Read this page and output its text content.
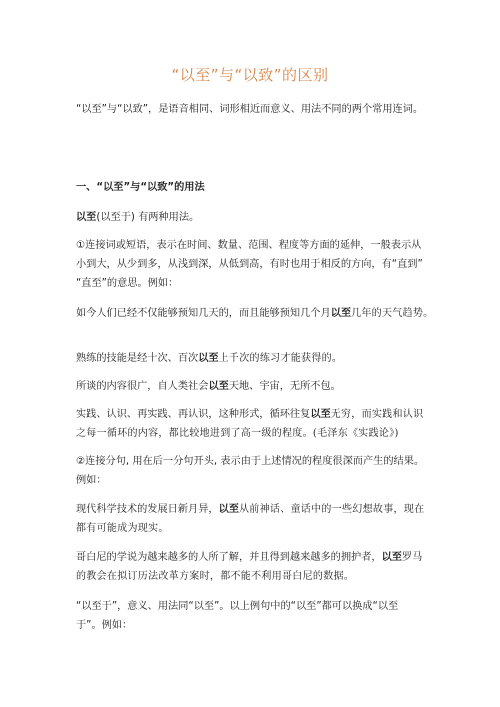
“以至”与“以致”的区别
“以至”与“以致”，是语音相同、词形相近而意义、用法不同的两个常用连词。
一、“以至”与“以致”的用法
以至(以至于) 有两种用法。
①连接词或短语，表示在时间、数量、范围、程度等方面的延伸，一般表示从
小到大，从少到多，从浅到深，从低到高，有时也用于相反的方向，有“直到”
“直至”的意思。例如：
如今人们已经不仅能够预知几天的，而且能够预知几个月以至几年的天气趋势。
熟练的技能是经十次、百次以至上千次的练习才能获得的。
所谈的内容很广，自人类社会以至天地、宇宙，无所不包。
实践、认识、再实践、再认识，这种形式，循环往复以至无穷，而实践和认识
之每一循环的内容，都比较地进到了高一级的程度。(毛泽东《实践论》)
②连接分句, 用在后一分句开头, 表示由于上述情况的程度很深而产生的结果。
例如：
现代科学技术的发展日新月异，以至从前神话、童话中的一些幻想故事，现在
都有可能成为现实。
哥白尼的学说为越来越多的人所了解，并且得到越来越多的拥护者，以至罗马
的教会在拟订历法改革方案时，都不能不利用哥白尼的数据。
“以至于”，意义、用法同“以至”。以上例句中的“以至”都可以换成“以至
于”。例如：
